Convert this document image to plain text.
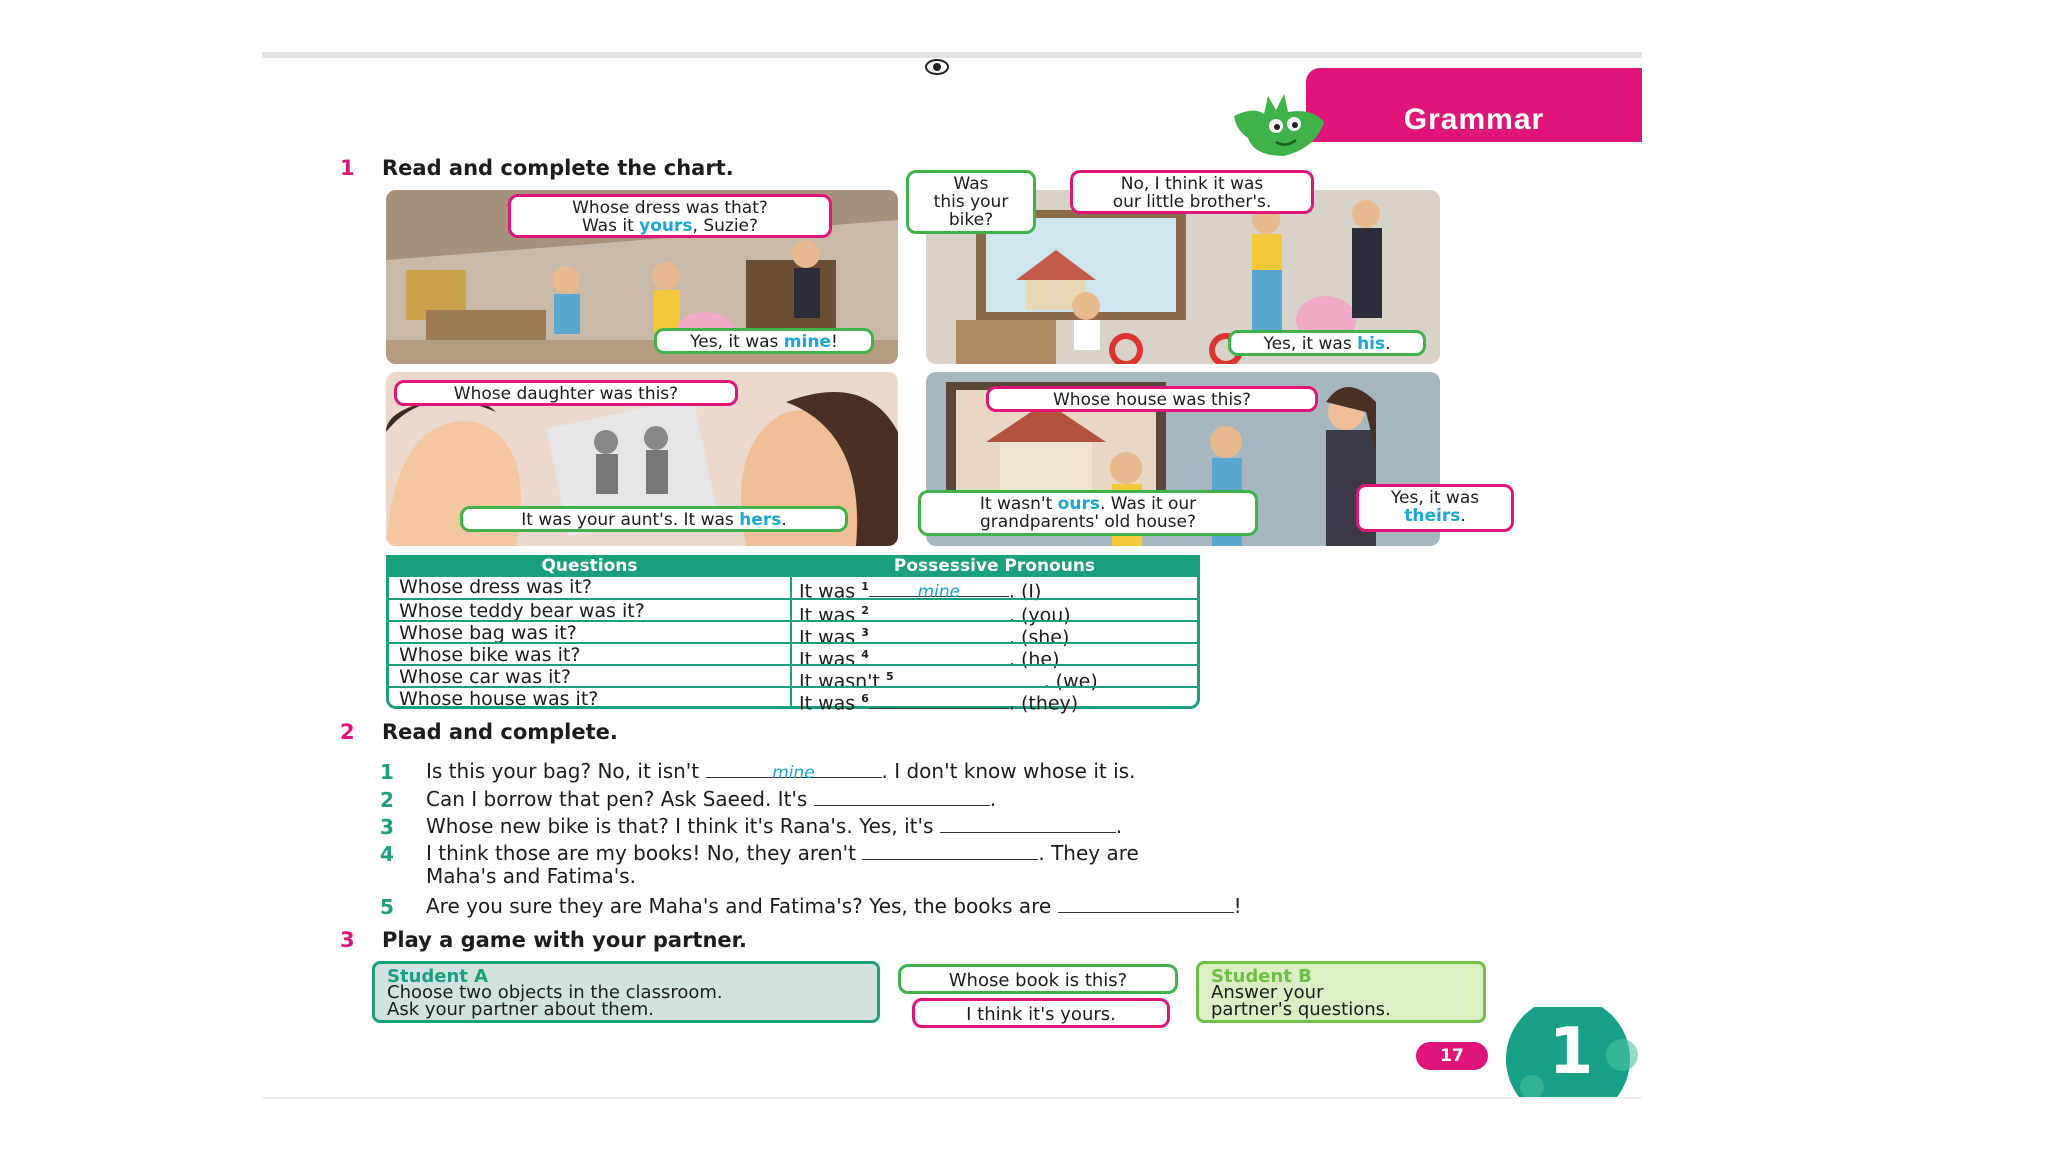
Grammar
1 Read and complete the chart.
Whose dress was that?
Was it yours, Suzie?
Yes, it was mine!
Was
this your
bike?
No, I think it was
our little brother's.
Yes, it was his.
Whose daughter was this?
It was your aunt's. It was hers.
Whose house was this?
It wasn't ours. Was it our
grandparents' old house?
Yes, it was
theirs.
Questions	Possessive Pronouns
Whose dress was it?	It was $^1$	mine	. (I)
Whose teddy bear was it?	It was $^2$	. (you)
Whose bag was it?	It was $^3$	. (she)
Whose bike was it?	It was $^4$	. (he)
Whose car was it?	It wasn't $^5$	. (we)
Whose house was it?	It was $^6$	. (they)
2 Read and complete.
1 Is this your bag? No, it isn't	mine	. I don't know whose it is.
2 Can I borrow that pen? Ask Saeed. It's	.
3 Whose new bike is that? I think it's Rana's. Yes, it's	.
4 I think those are my books! No, they aren't	. They are
Maha's and Fatima's.
5 Are you sure they are Maha's and Fatima's? Yes, the books are	!
3 Play a game with your partner.
Student A
Choose two objects in the classroom.
Ask your partner about them.
Whose book is this?
I think it's yours.
Student B
Answer your
partner's questions.
17	1
